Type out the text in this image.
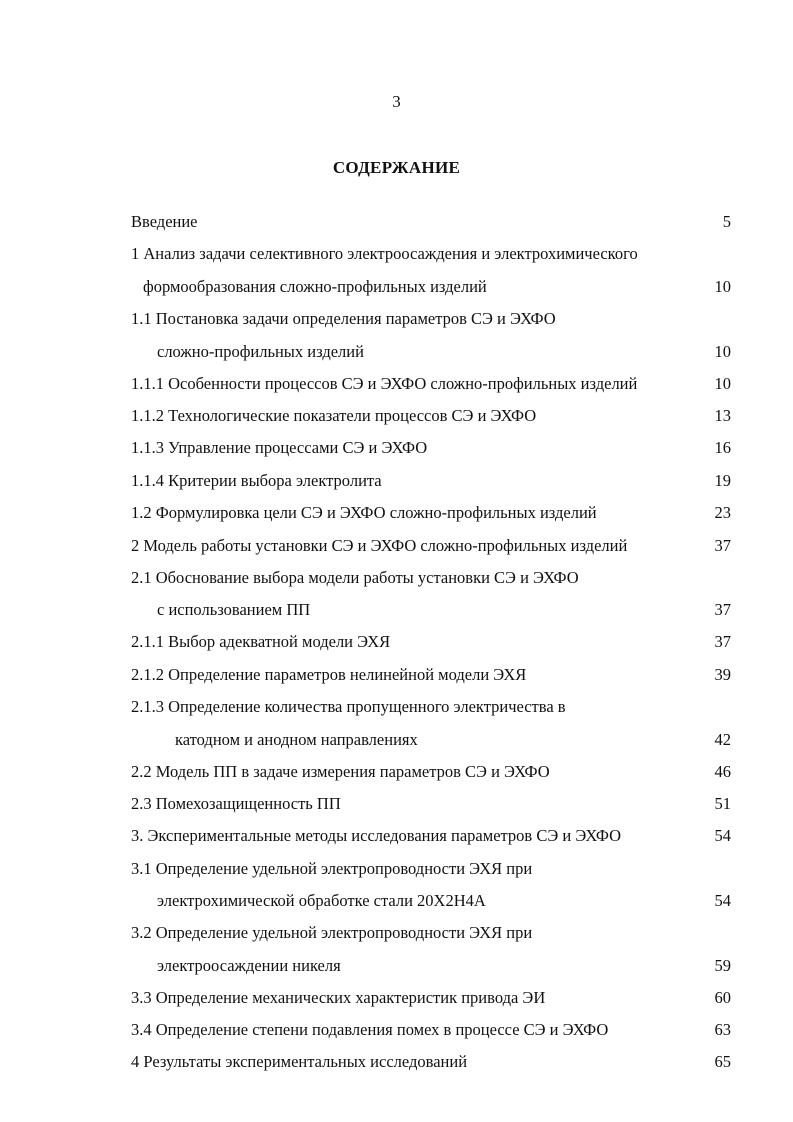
3
СОДЕРЖАНИЕ
Введение	5
1 Анализ задачи селективного электроосаждения и электрохимического
формообразования сложно-профильных изделий	10
1.1 Постановка задачи определения параметров СЭ и ЭХФО
сложно-профильных изделий	10
1.1.1 Особенности процессов СЭ и ЭХФО сложно-профильных изделий	10
1.1.2 Технологические показатели процессов СЭ и ЭХФО	13
1.1.3 Управление процессами СЭ и ЭХФО	16
1.1.4 Критерии выбора электролита	19
1.2 Формулировка цели СЭ и ЭХФО сложно-профильных изделий	23
2 Модель работы установки СЭ и ЭХФО сложно-профильных изделий	37
2.1 Обоснование выбора модели работы установки СЭ и ЭХФО
с использованием ПП	37
2.1.1 Выбор адекватной модели ЭХЯ	37
2.1.2 Определение параметров нелинейной модели ЭХЯ	39
2.1.3 Определение количества пропущенного электричества в
катодном и анодном направлениях	42
2.2 Модель ПП в задаче измерения параметров СЭ и ЭХФО	46
2.3 Помехозащищенность ПП	51
3. Экспериментальные методы исследования параметров СЭ и ЭХФО	54
3.1 Определение удельной электропроводности ЭХЯ при
электрохимической обработке стали 20Х2Н4А	54
3.2 Определение удельной электропроводности ЭХЯ при
электроосаждении никеля	59
3.3 Определение механических характеристик привода ЭИ	60
3.4 Определение степени подавления помех в процессе СЭ и ЭХФО	63
4 Результаты экспериментальных исследований	65
